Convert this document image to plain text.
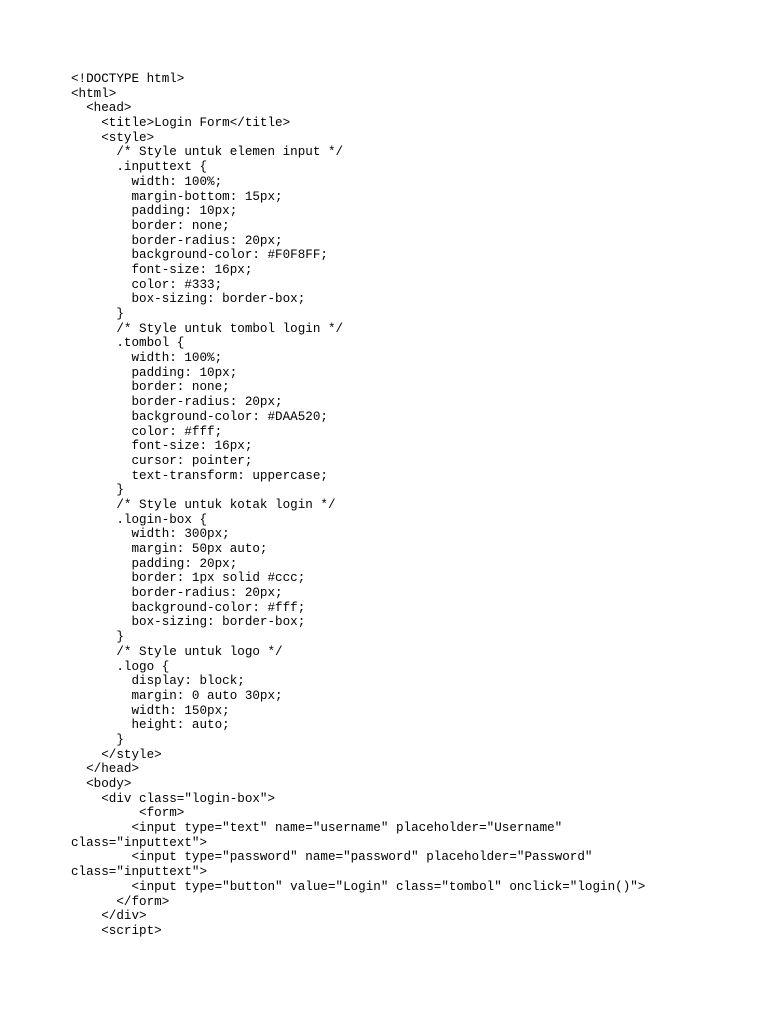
<!DOCTYPE html>
<html>
<head>
<title>Login Form</title>
<style>
/* Style untuk elemen input */
.inputtext {
width: 100%;
margin-bottom: 15px;
padding: 10px;
border: none;
border-radius: 20px;
background-color: #F0F8FF;
font-size: 16px;
color: #333;
box-sizing: border-box;
}
/* Style untuk tombol login */
.tombol {
width: 100%;
padding: 10px;
border: none;
border-radius: 20px;
background-color: #DAA520;
color: #fff;
font-size: 16px;
cursor: pointer;
text-transform: uppercase;
}
/* Style untuk kotak login */
.login-box {
width: 300px;
margin: 50px auto;
padding: 20px;
border: 1px solid #ccc;
border-radius: 20px;
background-color: #fff;
box-sizing: border-box;
}
/* Style untuk logo */
.logo {
display: block;
margin: 0 auto 30px;
width: 150px;
height: auto;
}
</style>
</head>
<body>
<div class="login-box">
<form>
<input type="text" name="username" placeholder="Username"
class="inputtext">
<input type="password" name="password" placeholder="Password"
class="inputtext">
<input type="button" value="Login" class="tombol" onclick="login()">
</form>
</div>
<script>
